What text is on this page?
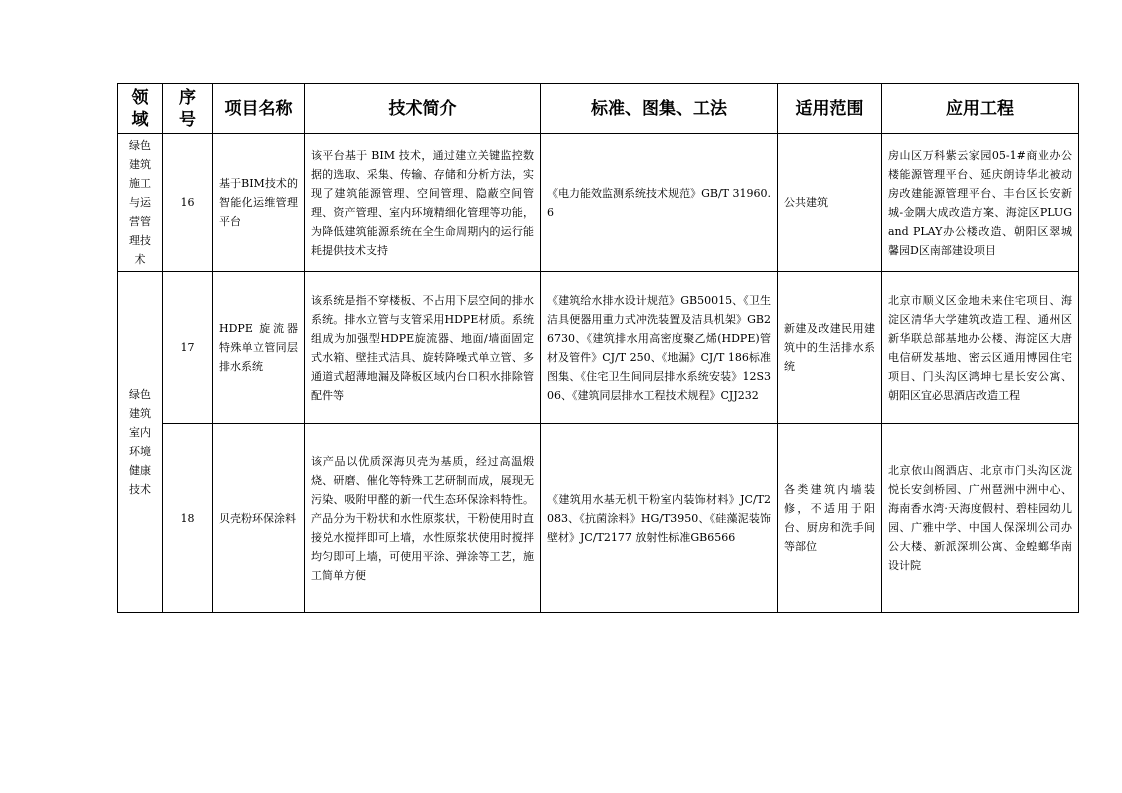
领域	序号	项目名称	技术简介	标准、图集、工法	适用范围	应用工程

绿色建筑施工与运营管理技术	16	基于BIM技术的智能化运维管理平台	该平台基于 BIM 技术，通过建立关键监控数据的选取、采集、传输、存储和分析方法，实现了建筑能源管理、空间管理、隐蔽空间管理、资产管理、室内环境精细化管理等功能，为降低建筑能源系统在全生命周期内的运行能耗提供技术支持	《电力能效监测系统技术规范》GB/T 31960.6	公共建筑	房山区万科紫云家园05-1#商业办公楼能源管理平台、延庆朗诗华北被动房改建能源管理平台、丰台区长安新城-金隅大成改造方案、海淀区PLUG and PLAY办公楼改造、朝阳区翠城馨园D区南部建设项目

绿色建筑室内环境健康技术	17	HDPE 旋流器特殊单立管同层排水系统	该系统是指不穿楼板、不占用下层空间的排水系统。排水立管与支管采用HDPE材质。系统组成为加强型HDPE旋流器、地面/墙面固定式水箱、壁挂式洁具、旋转降噪式单立管、多通道式超薄地漏及降板区域内台口积水排除管配件等	《建筑给水排水设计规范》GB50015、《卫生洁具便器用重力式冲洗装置及洁具机架》GB26730、《建筑排水用高密度聚乙烯(HDPE)管材及管件》CJ/T 250、《地漏》CJ/T 186标准图集、《住宅卫生间同层排水系统安装》12S306、《建筑同层排水工程技术规程》CJJ232	新建及改建民用建筑中的生活排水系统	北京市顺义区金地未来住宅项目、海淀区清华大学建筑改造工程、通州区新华联总部基地办公楼、海淀区大唐电信研发基地、密云区通用博园住宅项目、门头沟区鸿坤七星长安公寓、朝阳区宜必思酒店改造工程

	18	贝壳粉环保涂料	该产品以优质深海贝壳为基质，经过高温煅烧、研磨、催化等特殊工艺研制而成，展现无污染、吸附甲醛的新一代生态环保涂料特性。产品分为干粉状和水性原浆状，干粉使用时直接兑水搅拌即可上墙，水性原浆状使用时搅拌均匀即可上墙，可使用平涂、弹涂等工艺，施工简单方便	《建筑用水基无机干粉室内装饰材料》JC/T2083、《抗菌涂料》HG/T3950、《硅藻泥装饰壁材》JC/T2177 放射性标准GB6566	各类建筑内墙装修，不适用于阳台、厨房和洗手间等部位	北京依山阁酒店、北京市门头沟区泷悦长安剑桥园、广州琶洲中洲中心、海南香水湾·天海度假村、碧桂园幼儿园、广雅中学、中国人保深圳公司办公大楼、新派深圳公寓、金蝗螂华南设计院
